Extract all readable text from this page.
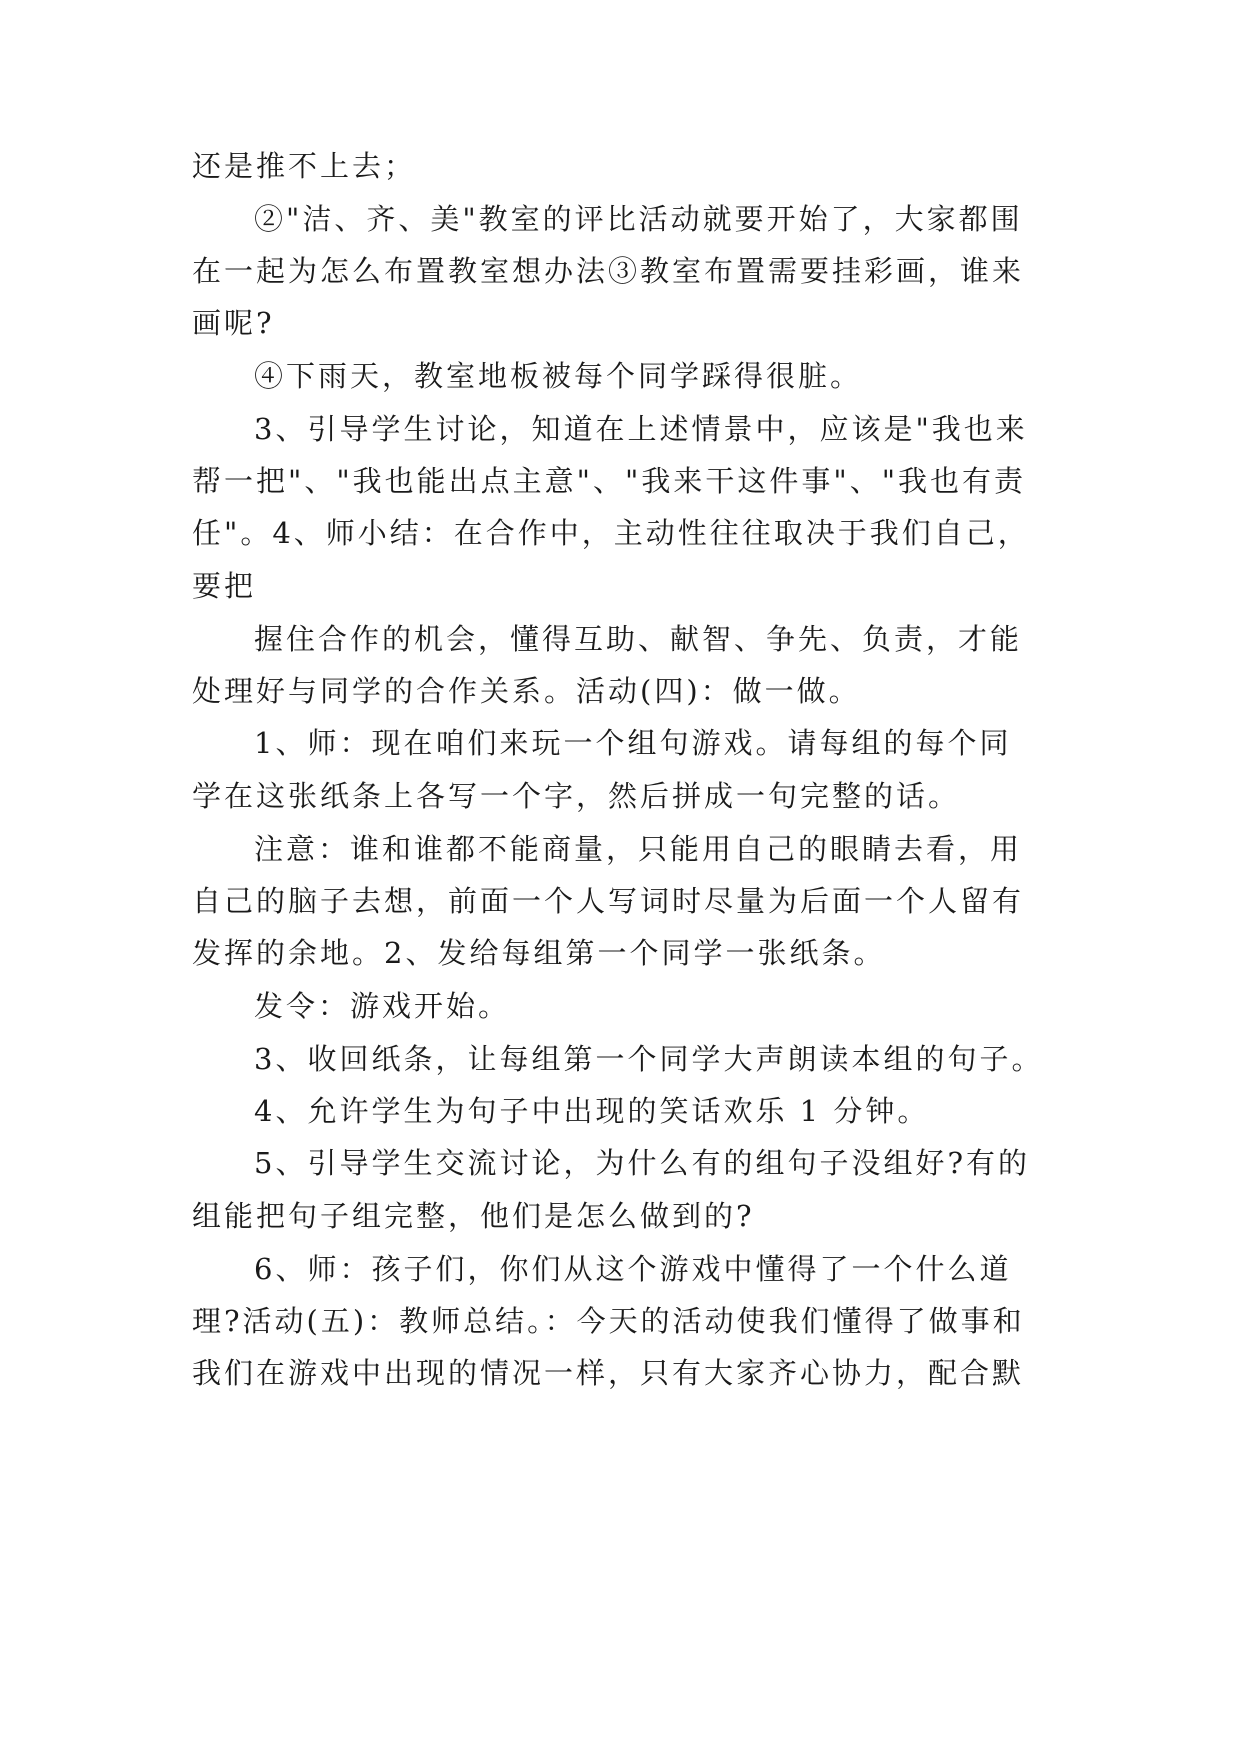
还是推不上去；
②"洁、齐、美"教室的评比活动就要开始了，大家都围
在一起为怎么布置教室想办法③教室布置需要挂彩画，谁来
画呢?
④下雨天，教室地板被每个同学踩得很脏。
3、引导学生讨论，知道在上述情景中，应该是"我也来
帮一把"、"我也能出点主意"、"我来干这件事"、"我也有责
任"。4、师小结：在合作中，主动性往往取决于我们自己，
要把
握住合作的机会，懂得互助、献智、争先、负责，才能
处理好与同学的合作关系。活动(四)：做一做。
1、师：现在咱们来玩一个组句游戏。请每组的每个同
学在这张纸条上各写一个字，然后拼成一句完整的话。
注意：谁和谁都不能商量，只能用自己的眼睛去看，用
自己的脑子去想，前面一个人写词时尽量为后面一个人留有
发挥的余地。2、发给每组第一个同学一张纸条。
发令：游戏开始。
3、收回纸条，让每组第一个同学大声朗读本组的句子。
4、允许学生为句子中出现的笑话欢乐 1 分钟。
5、引导学生交流讨论，为什么有的组句子没组好?有的
组能把句子组完整，他们是怎么做到的?
6、师：孩子们，你们从这个游戏中懂得了一个什么道
理?活动(五)：教师总结。：今天的活动使我们懂得了做事和
我们在游戏中出现的情况一样，只有大家齐心协力，配合默
